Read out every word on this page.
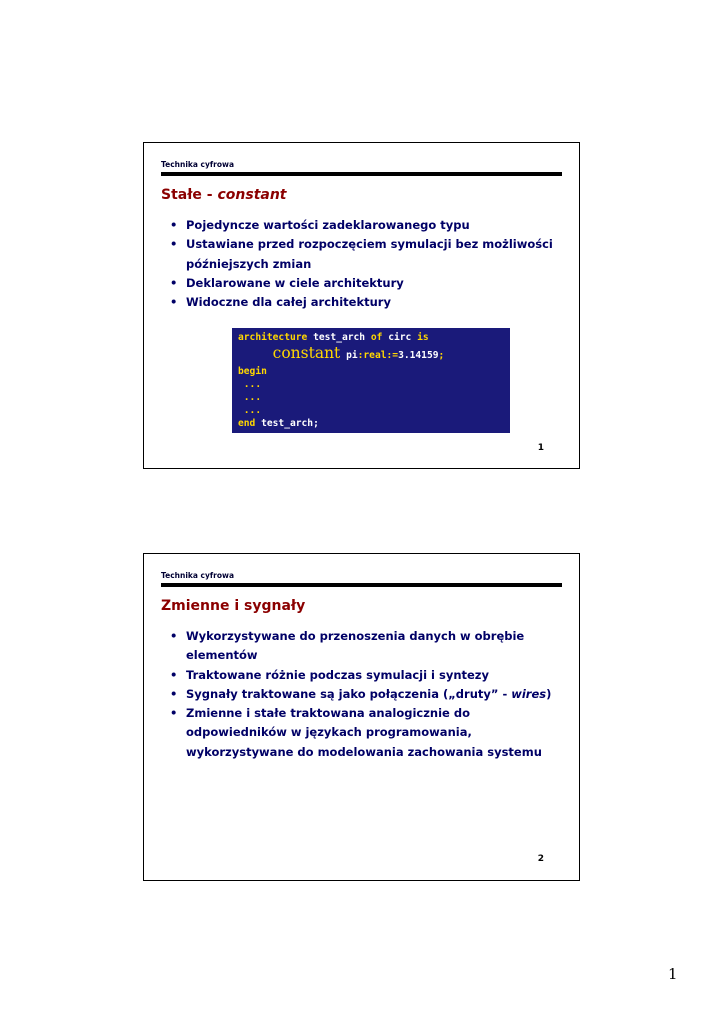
Technika cyfrowa
Stałe - constant
• Pojedyncze wartości zadeklarowanego typu
• Ustawiane przed rozpoczęciem symulacji bez możliwości późniejszych zmian
• Deklarowane w ciele architektury
• Widoczne dla całej architektury
architecture test_arch of circ is
constant pi:real:=3.14159;
begin
...
...
...
end test_arch;
1
Technika cyfrowa
Zmienne i sygnały
• Wykorzystywane do przenoszenia danych w obrębie elementów
• Traktowane różnie podczas symulacji i syntezy
• Sygnały traktowane są jako połączenia („druty” - wires)
• Zmienne i stałe traktowana analogicznie do odpowiedników w językach programowania, wykorzystywane do modelowania zachowania systemu
2
1
